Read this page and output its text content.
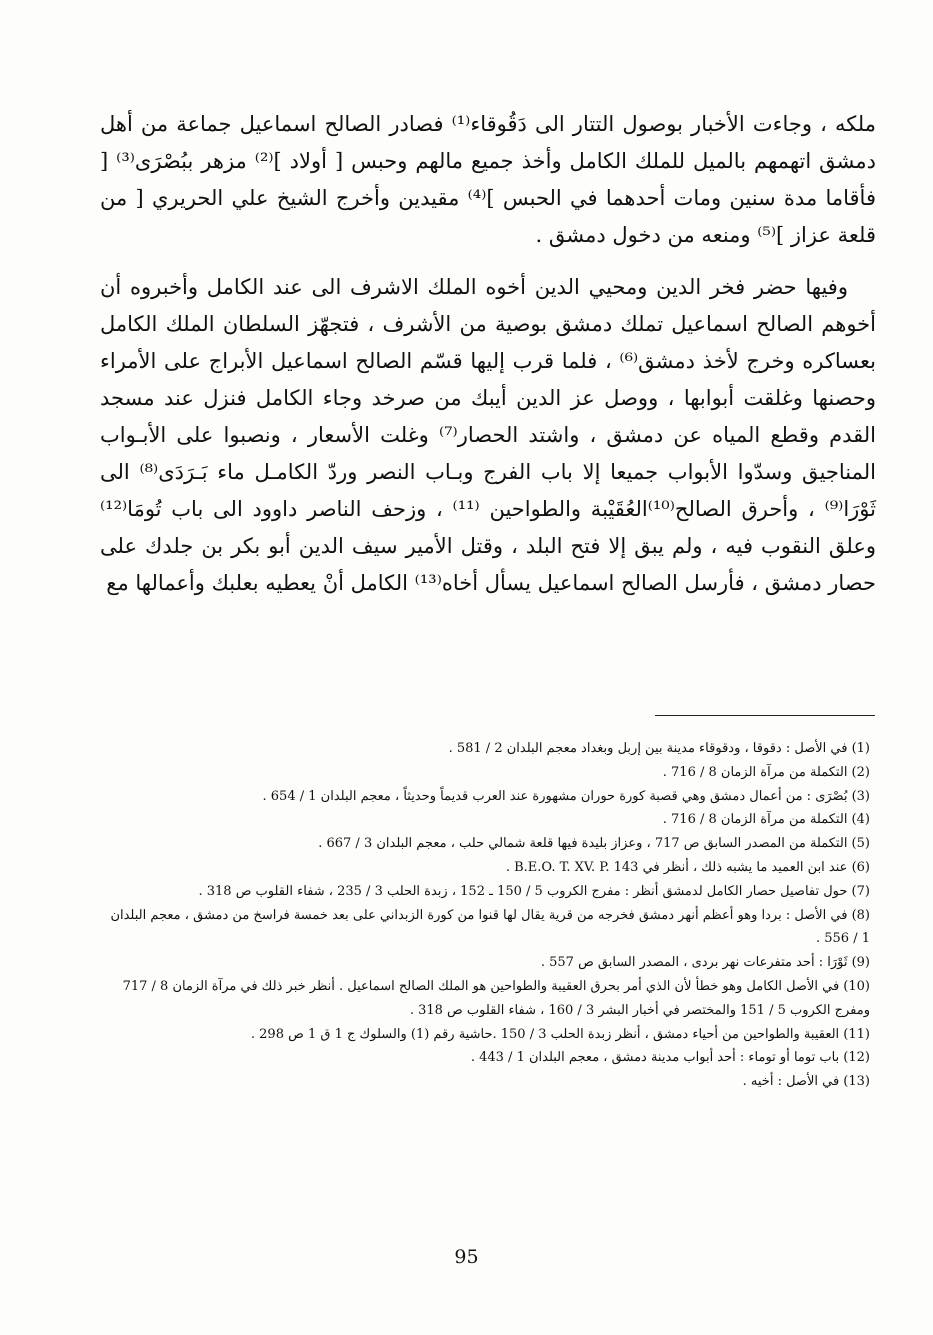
ملكه ، وجاءت الأخبار بوصول التتار الى دَقُوقاء⁽¹⁾ فصادر الصالح اسماعيل جماعة من أهل دمشق اتهمهم بالميل للملك الكامل وأخذ جميع مالهم وحبس [ أولاد ]⁽²⁾ مزهر ببُصْرَى⁽³⁾ [ فأقاما مدة سنين ومات أحدهما في الحبس ]⁽⁴⁾ مقيدين وأخرج الشيخ علي الحريري [ من قلعة عزاز ]⁽⁵⁾ ومنعه من دخول دمشق .

وفيها حضر فخر الدين ومحيي الدين أخوه الملك الاشرف الى عند الكامل وأخبروه أن أخوهم الصالح اسماعيل تملك دمشق بوصية من الأشرف ، فتجهّز السلطان الملك الكامل بعساكره وخرج لأخذ دمشق⁽⁶⁾ ، فلما قرب إليها قسّم الصالح اسماعيل الأبراج على الأمراء وحصنها وغلقت أبوابها ، ووصل عز الدين أيبك من صرخد وجاء الكامل فنزل عند مسجد القدم وقطع المياه عن دمشق ، واشتد الحصار⁽⁷⁾ وغلت الأسعار ، ونصبوا على الأبـواب المناجيق وسدّوا الأبواب جميعا إلا باب الفرج وبـاب النصر وردّ الكامـل ماء بَـرَدَى⁽⁸⁾ الى ثَوْرَا⁽⁹⁾ ، وأحرق الصالح⁽¹⁰⁾العُقَيْبة والطواحين ⁽¹¹⁾ ، وزحف الناصر داوود الى باب تُومَا⁽¹²⁾ وعلق النقوب فيه ، ولم يبق إلا فتح البلد ، وقتل الأمير سيف الدين أبو بكر بن جلدك على حصار دمشق ، فأرسل الصالح اسماعيل يسأل أخاه⁽¹³⁾ الكامل أنْ يعطيه بعلبك وأعمالها مع

(1) في الأصل : دقوقا ، ودقوقاء مدينة بين إربل وبغداد معجم البلدان 2 / 581 .

(2) التكملة من مرآة الزمان 8 / 716 .

(3) بُصْرَى : من أعمال دمشق وهي قصبة كورة حوران مشهورة عند العرب قديماً وحديثاً ، معجم البلدان 1 / 654 .

(4) التكملة من مرآة الزمان 8 / 716 .

(5) التكملة من المصدر السابق ص 717 ، وعزاز بليدة فيها قلعة شمالي حلب ، معجم البلدان 3 / 667 .

(6) عند ابن العميد ما يشبه ذلك ، أنظر في B.E.O. T. XV. P. 143 .

(7) حول تفاصيل حصار الكامل لدمشق أنظر : مفرج الكروب 5 / 150 ـ 152 ، زبدة الحلب 3 / 235 ، شفاء القلوب ص 318 .

(8) في الأصل : بردا وهو أعظم أنهر دمشق فخرجه من قرية يقال لها قنوا من كورة الزبداني على بعد خمسة فراسخ من دمشق ، معجم البلدان 1 / 556 .

(9) ثَوْرَا : أحد متفرعات نهر بردى ، المصدر السابق ص 557 .

(10) في الأصل الكامل وهو خطأ لأن الذي أمر بحرق العقيبة والطواحين هو الملك الصالح اسماعيل . أنظر خبر ذلك في مرآة الزمان 8 / 717 ومفرج الكروب 5 / 151 والمختصر في أخبار البشر 3 / 160 ، شفاء القلوب ص 318 .

(11) العقيبة والطواحين من أحياء دمشق ، أنظر زبدة الحلب 3 / 150 .حاشية رقم (1) والسلوك ج 1 ق 1 ص 298 .

(12) باب توما أو توماء : أحد أبواب مدينة دمشق ، معجم البلدان 1 / 443 .

(13) في الأصل : أخيه .

95
